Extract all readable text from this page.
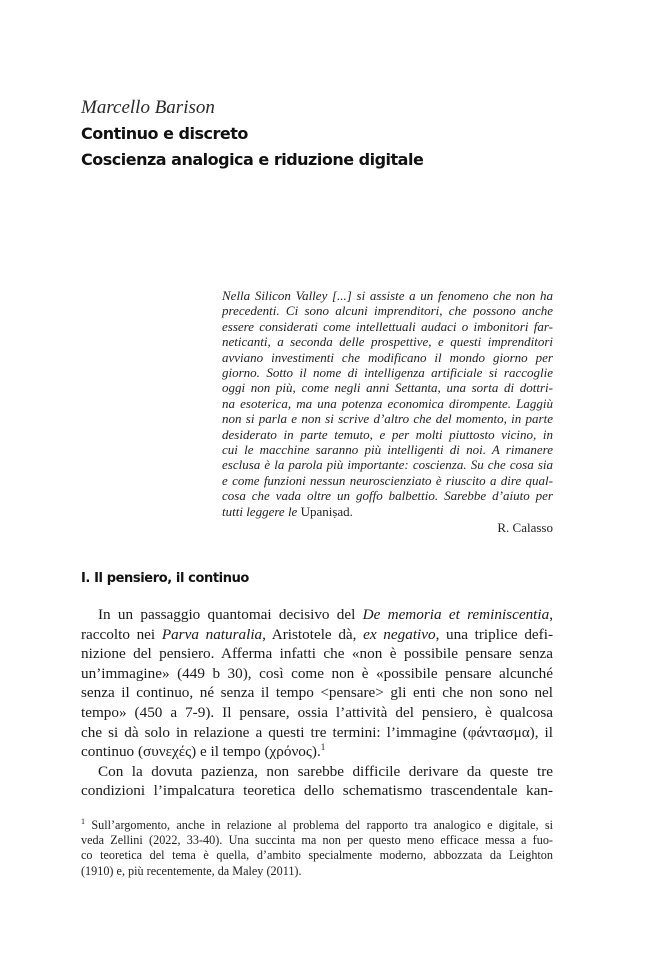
Marcello Barison
Continuo e discreto
Coscienza analogica e riduzione digitale
Nella Silicon Valley [...] si assiste a un fenomeno che non ha
precedenti. Ci sono alcuni imprenditori, che possono anche
essere considerati come intellettuali audaci o imbonitori far-
neticanti, a seconda delle prospettive, e questi imprenditori
avviano investimenti che modificano il mondo giorno per
giorno. Sotto il nome di intelligenza artificiale si raccoglie
oggi non più, come negli anni Settanta, una sorta di dottri-
na esoterica, ma una potenza economica dirompente. Laggiù
non si parla e non si scrive d’altro che del momento, in parte
desiderato in parte temuto, e per molti piuttosto vicino, in
cui le macchine saranno più intelligenti di noi. A rimanere
esclusa è la parola più importante: coscienza. Su che cosa sia
e come funzioni nessun neuroscienziato è riuscito a dire qual-
cosa che vada oltre un goffo balbettio. Sarebbe d’aiuto per
tutti leggere le Upaniṣad.
R. Calasso
I. Il pensiero, il continuo
In un passaggio quantomai decisivo del De memoria et reminiscentia,
raccolto nei Parva naturalia, Aristotele dà, ex negativo, una triplice defi-
nizione del pensiero. Afferma infatti che «non è possibile pensare senza
un’immagine» (449 b 30), così come non è «possibile pensare alcunché
senza il continuo, né senza il tempo <pensare> gli enti che non sono nel
tempo» (450 a 7-9). Il pensare, ossia l’attività del pensiero, è qualcosa
che si dà solo in relazione a questi tre termini: l’immagine (φάντασμα), il
continuo (συνεχές) e il tempo (χρόνος).$^1$
Con la dovuta pazienza, non sarebbe difficile derivare da queste tre
condizioni l’impalcatura teoretica dello schematismo trascendentale kan-
$^1$ Sull’argomento, anche in relazione al problema del rapporto tra analogico e digitale, si
veda Zellini (2022, 33-40). Una succinta ma non per questo meno efficace messa a fuo-
co teoretica del tema è quella, d’ambito specialmente moderno, abbozzata da Leighton
(1910) e, più recentemente, da Maley (2011).
